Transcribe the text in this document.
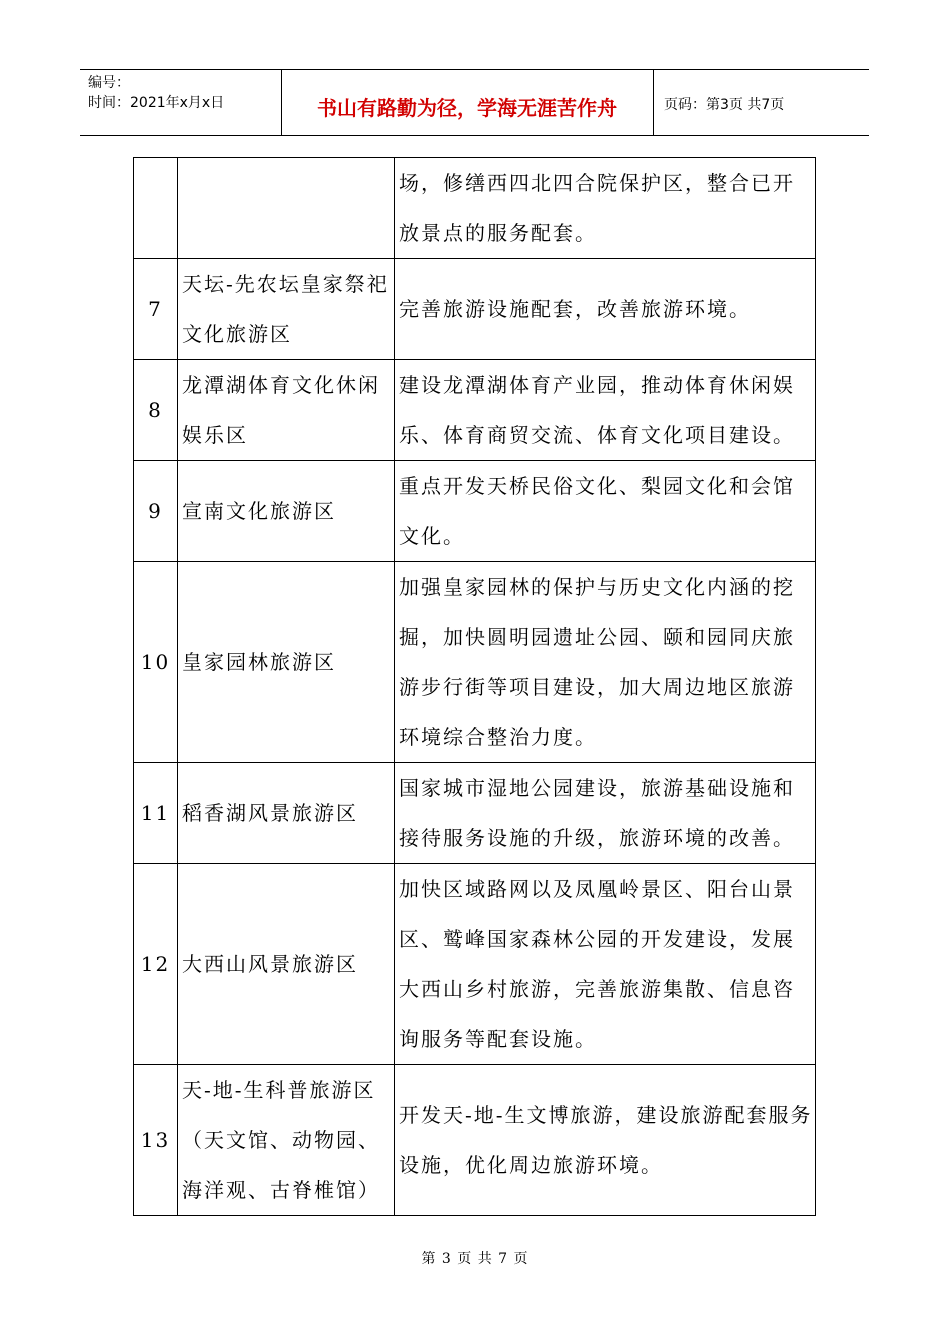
编号：
时间：2021年x月x日	书山有路勤为径，学海无涯苦作舟	页码：第3页 共7页
		场，修缮西四北四合院保护区，整合已开放景点的服务配套。
7	天坛-先农坛皇家祭祀文化旅游区	完善旅游设施配套，改善旅游环境。
8	龙潭湖体育文化休闲娱乐区	建设龙潭湖体育产业园，推动体育休闲娱乐、体育商贸交流、体育文化项目建设。
9	宣南文化旅游区	重点开发天桥民俗文化、梨园文化和会馆文化。
10	皇家园林旅游区	加强皇家园林的保护与历史文化内涵的挖掘，加快圆明园遗址公园、颐和园同庆旅游步行街等项目建设，加大周边地区旅游环境综合整治力度。
11	稻香湖风景旅游区	国家城市湿地公园建设，旅游基础设施和接待服务设施的升级，旅游环境的改善。
12	大西山风景旅游区	加快区域路网以及凤凰岭景区、阳台山景区、鹫峰国家森林公园的开发建设，发展大西山乡村旅游，完善旅游集散、信息咨询服务等配套设施。
13	天-地-生科普旅游区（天文馆、动物园、海洋观、古脊椎馆）	开发天-地-生文博旅游，建设旅游配套服务设施，优化周边旅游环境。
第 3 页 共 7 页
